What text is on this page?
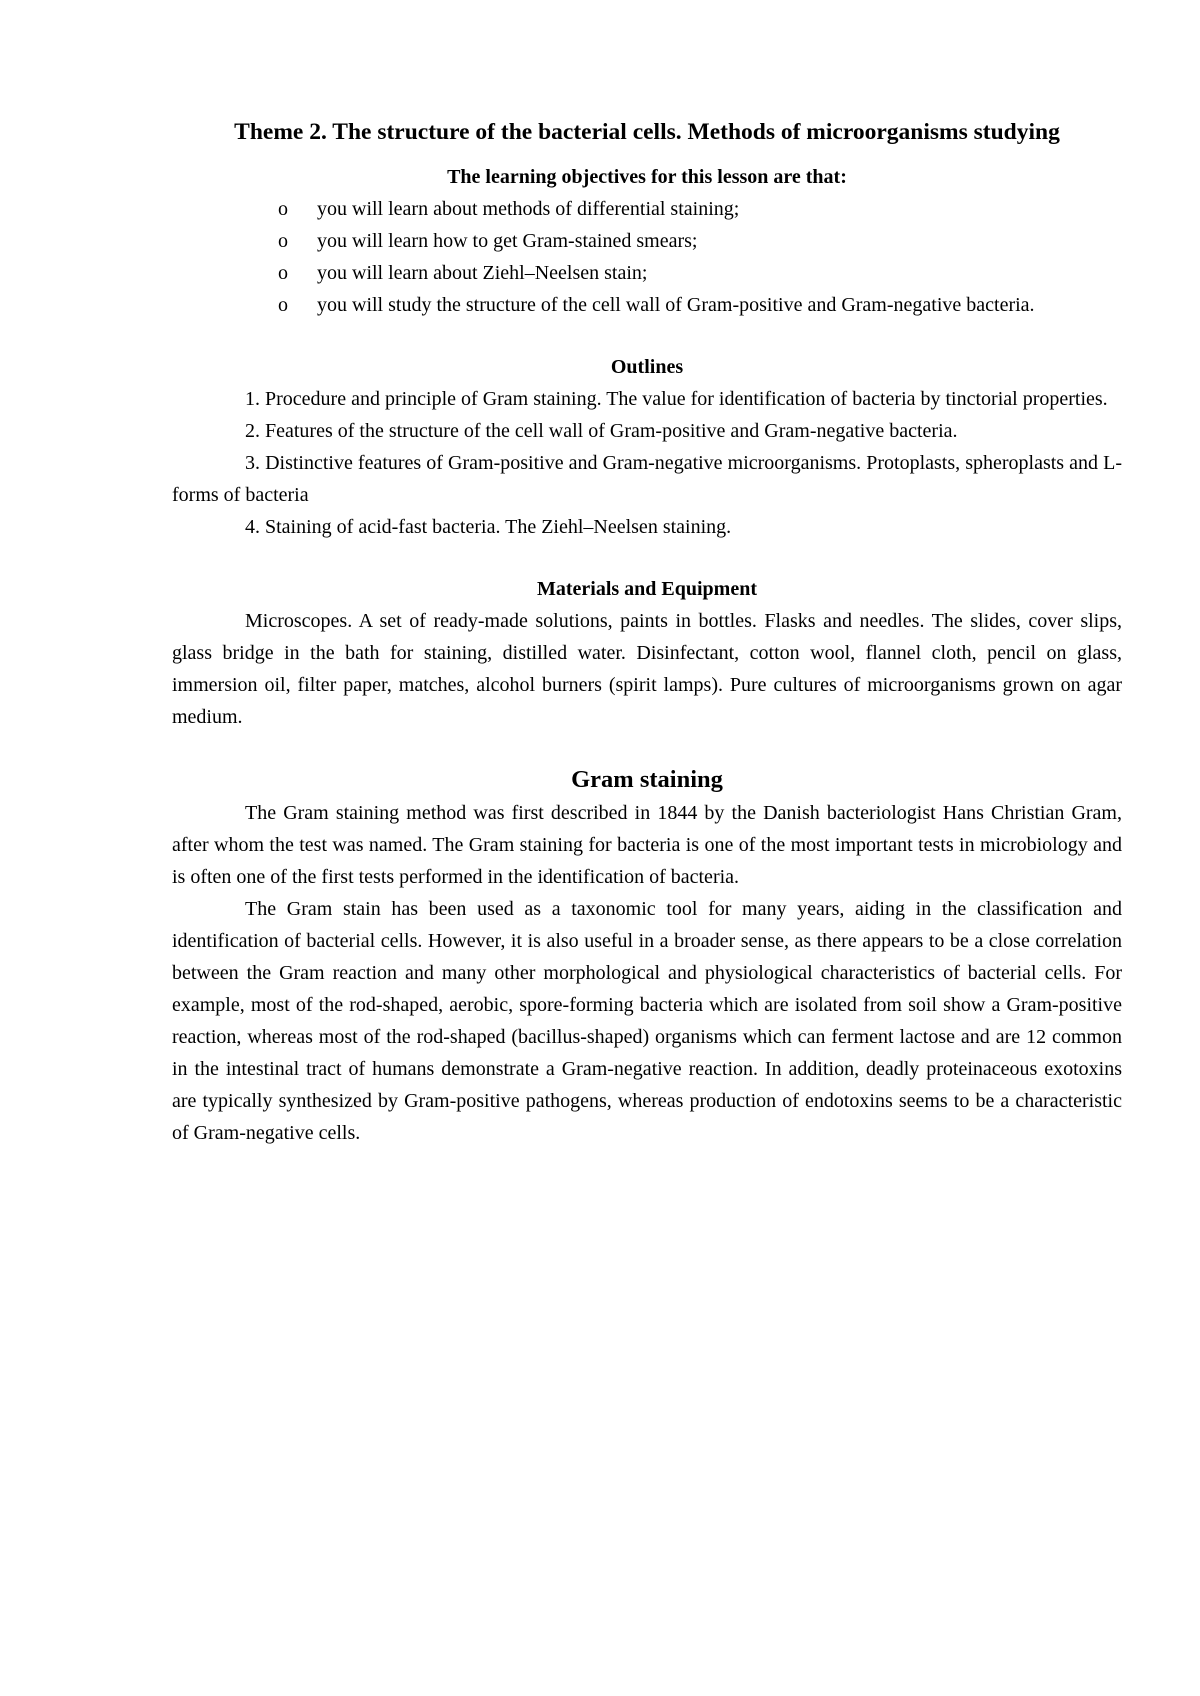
Theme 2. The structure of the bacterial cells. Methods of microorganisms studying

The learning objectives for this lesson are that:

o you will learn about methods of differential staining;
o you will learn how to get Gram-stained smears;
o you will learn about Ziehl–Neelsen stain;
o you will study the structure of the cell wall of Gram-positive and Gram-negative bacteria.

Outlines

1. Procedure and principle of Gram staining. The value for identification of bacteria by tinctorial properties.

2. Features of the structure of the cell wall of Gram-positive and Gram-negative bacteria.

3. Distinctive features of Gram-positive and Gram-negative microorganisms. Protoplasts, spheroplasts and L-forms of bacteria

4. Staining of acid-fast bacteria. The Ziehl–Neelsen staining.

Materials and Equipment

Microscopes. A set of ready-made solutions, paints in bottles. Flasks and needles. The slides, cover slips, glass bridge in the bath for staining, distilled water. Disinfectant, cotton wool, flannel cloth, pencil on glass, immersion oil, filter paper, matches, alcohol burners (spirit lamps). Pure cultures of microorganisms grown on agar medium.

Gram staining

The Gram staining method was first described in 1844 by the Danish bacteriologist Hans Christian Gram, after whom the test was named. The Gram staining for bacteria is one of the most important tests in microbiology and is often one of the first tests performed in the identification of bacteria.

The Gram stain has been used as a taxonomic tool for many years, aiding in the classification and identification of bacterial cells. However, it is also useful in a broader sense, as there appears to be a close correlation between the Gram reaction and many other morphological and physiological characteristics of bacterial cells. For example, most of the rod-shaped, aerobic, spore-forming bacteria which are isolated from soil show a Gram-positive reaction, whereas most of the rod-shaped (bacillus-shaped) organisms which can ferment lactose and are 12 common in the intestinal tract of humans demonstrate a Gram-negative reaction. In addition, deadly proteinaceous exotoxins are typically synthesized by Gram-positive pathogens, whereas production of endotoxins seems to be a characteristic of Gram-negative cells.
